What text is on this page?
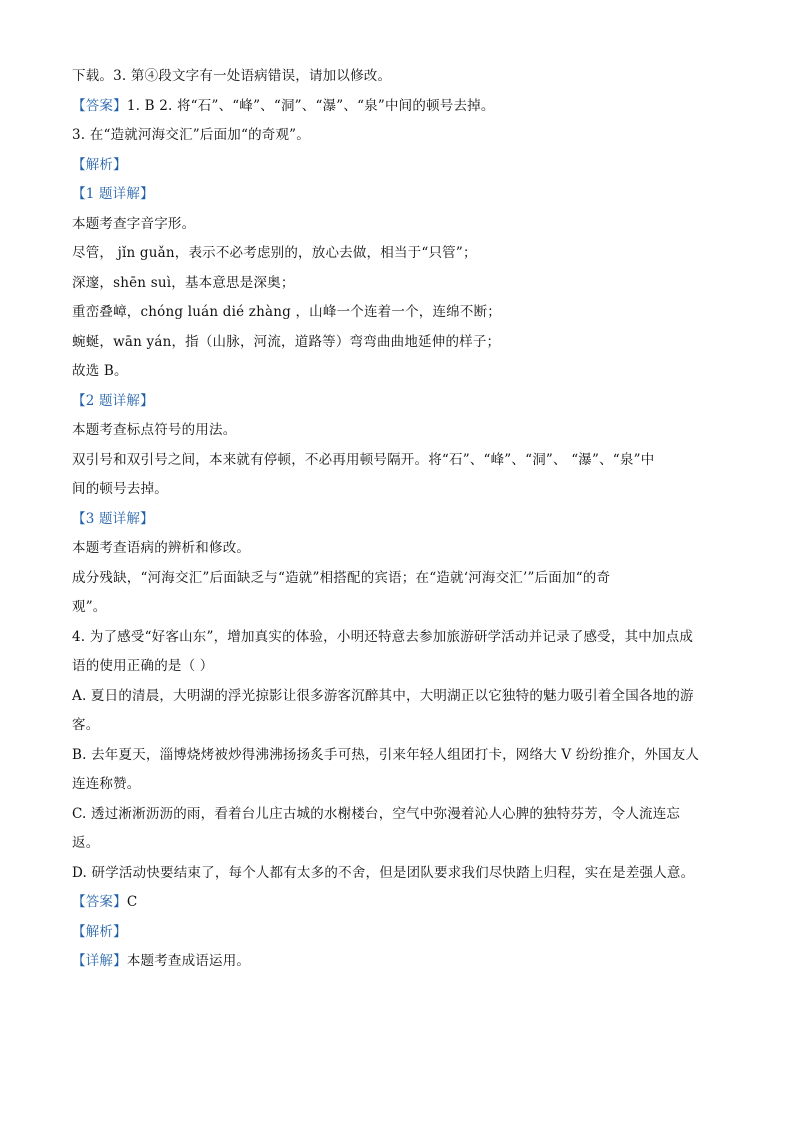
下载。3. 第④段文字有一处语病错误，请加以修改。
【答案】1. B 2. 将“石”、“峰”、“洞”、“瀑”、“泉”中间的顿号去掉。
3. 在“造就河海交汇”后面加“的奇观”。
【解析】
【1 题详解】
本题考查字音字形。
尽管， jǐn guǎn，表示不必考虑别的，放心去做，相当于“只管”；
深邃，shēn suì，基本意思是深奥；
重峦叠嶂，chóng luán dié zhàng ，山峰一个连着一个，连绵不断；
蜿蜒，wān yán，指（山脉，河流，道路等）弯弯曲曲地延伸的样子；
故选 B。
【2 题详解】
本题考查标点符号的用法。
双引号和双引号之间，本来就有停顿，不必再用顿号隔开。将“石”、“峰”、“洞”、 “瀑”、“泉”中
间的顿号去掉。
【3 题详解】
本题考查语病的辨析和修改。
成分残缺，“河海交汇”后面缺乏与“造就”相搭配的宾语；在“造就‘河海交汇’”后面加“的奇
观”。
4. 为了感受“好客山东”，增加真实的体验，小明还特意去参加旅游研学活动并记录了感受，其中加点成
语的使用正确的是（ ）
A. 夏日的清晨，大明湖的浮光掠影让很多游客沉醉其中，大明湖正以它独特的魅力吸引着全国各地的游
客。
B. 去年夏天，淄博烧烤被炒得沸沸扬扬炙手可热，引来年轻人组团打卡，网络大 V 纷纷推介，外国友人
连连称赞。
C. 透过淅淅沥沥的雨，看着台儿庄古城的水榭楼台，空气中弥漫着沁人心脾的独特芬芳，令人流连忘
返。
D. 研学活动快要结束了，每个人都有太多的不舍，但是团队要求我们尽快踏上归程，实在是差强人意。
【答案】C
【解析】
【详解】本题考查成语运用。
